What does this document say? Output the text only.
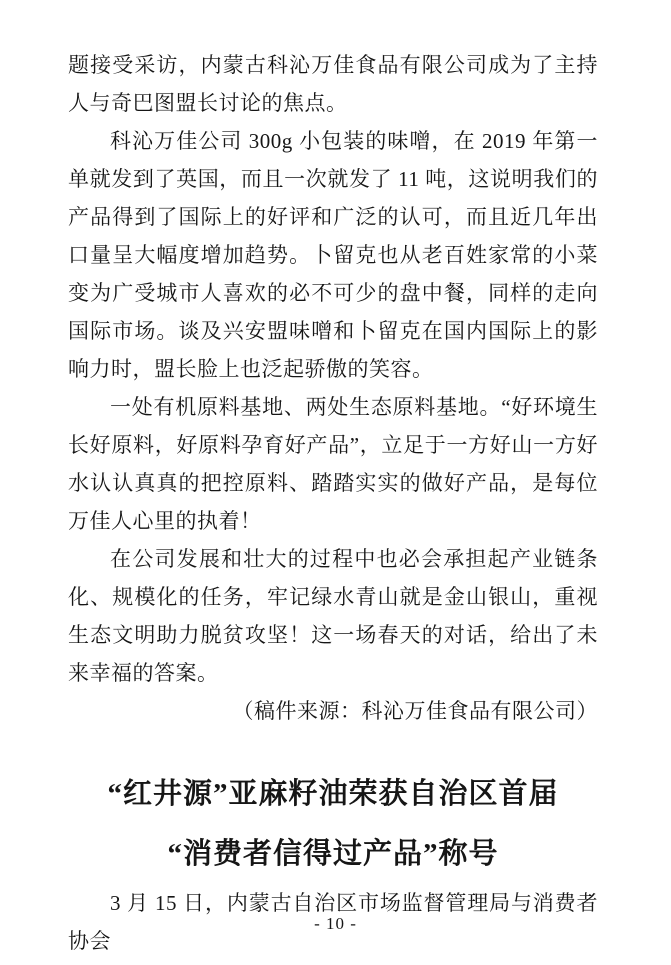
题接受采访，内蒙古科沁万佳食品有限公司成为了主持人与奇巴图盟长讨论的焦点。

科沁万佳公司 300g 小包装的味噌，在 2019 年第一单就发到了英国，而且一次就发了 11 吨，这说明我们的产品得到了国际上的好评和广泛的认可，而且近几年出口量呈大幅度增加趋势。卜留克也从老百姓家常的小菜变为广受城市人喜欢的必不可少的盘中餐，同样的走向国际市场。谈及兴安盟味噌和卜留克在国内国际上的影响力时，盟长脸上也泛起骄傲的笑容。

一处有机原料基地、两处生态原料基地。“好环境生长好原料，好原料孕育好产品”，立足于一方好山一方好水认认真真的把控原料、踏踏实实的做好产品，是每位万佳人心里的执着！

在公司发展和壮大的过程中也必会承担起产业链条化、规模化的任务，牢记绿水青山就是金山银山，重视生态文明助力脱贫攻坚！这一场春天的对话，给出了未来幸福的答案。

（稿件来源：科沁万佳食品有限公司）

“红井源”亚麻籽油荣获自治区首届
“消费者信得过产品”称号

3 月 15 日，内蒙古自治区市场监督管理局与消费者协会

- 10 -
